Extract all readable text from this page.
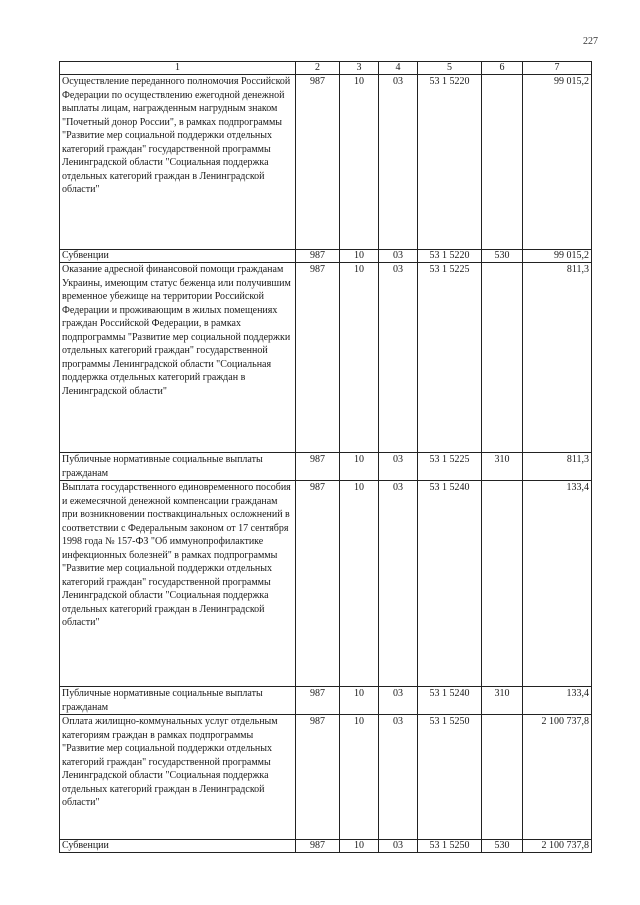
227
1	2	3	4	5	6	7
Осуществление переданного полномочия Российской Федерации по осуществлению ежегодной денежной выплаты лицам, награжденным нагрудным знаком "Почетный донор России", в рамках подпрограммы "Развитие мер социальной поддержки отдельных категорий граждан" государственной программы Ленинградской области "Социальная поддержка отдельных категорий граждан в Ленинградской области"	987	10	03	53 1 5220		99 015,2
Субвенции	987	10	03	53 1 5220	530	99 015,2
Оказание адресной финансовой помощи гражданам Украины, имеющим статус беженца или получившим временное убежище на территории Российской Федерации и проживающим в жилых помещениях граждан Российской Федерации, в рамках подпрограммы "Развитие мер социальной поддержки отдельных категорий граждан" государственной программы Ленинградской области "Социальная поддержка отдельных категорий граждан в Ленинградской области"	987	10	03	53 1 5225		811,3
Публичные нормативные социальные выплаты гражданам	987	10	03	53 1 5225	310	811,3
Выплата государственного единовременного пособия и ежемесячной денежной компенсации гражданам при возникновении поствакцинальных осложнений в соответствии с Федеральным законом от 17 сентября 1998 года № 157-ФЗ "Об иммунопрофилактике инфекционных болезней" в рамках подпрограммы "Развитие мер социальной поддержки отдельных категорий граждан" государственной программы Ленинградской области "Социальная поддержка отдельных категорий граждан в Ленинградской области"	987	10	03	53 1 5240		133,4
Публичные нормативные социальные выплаты гражданам	987	10	03	53 1 5240	310	133,4
Оплата жилищно-коммунальных услуг отдельным категориям граждан в рамках подпрограммы "Развитие мер социальной поддержки отдельных категорий граждан" государственной программы Ленинградской области "Социальная поддержка отдельных категорий граждан в Ленинградской области"	987	10	03	53 1 5250		2 100 737,8
Субвенции	987	10	03	53 1 5250	530	2 100 737,8
